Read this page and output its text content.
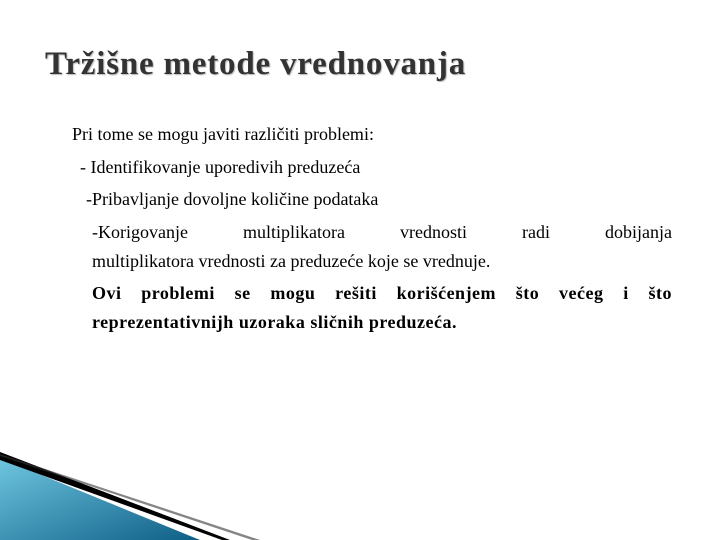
Tržišne metode vrednovanja
Pri tome se mogu javiti različiti problemi:
- Identifikovanje uporedivih preduzeća
-Pribavljanje dovoljne količine podataka
-Korigovanje multiplikatora vrednosti radi dobijanja
multiplikatora vrednosti za preduzeće koje se vrednuje.
Ovi problemi se mogu rešiti korišćenjem što većeg i što
reprezentativnijh uzoraka sličnih preduzeća.
